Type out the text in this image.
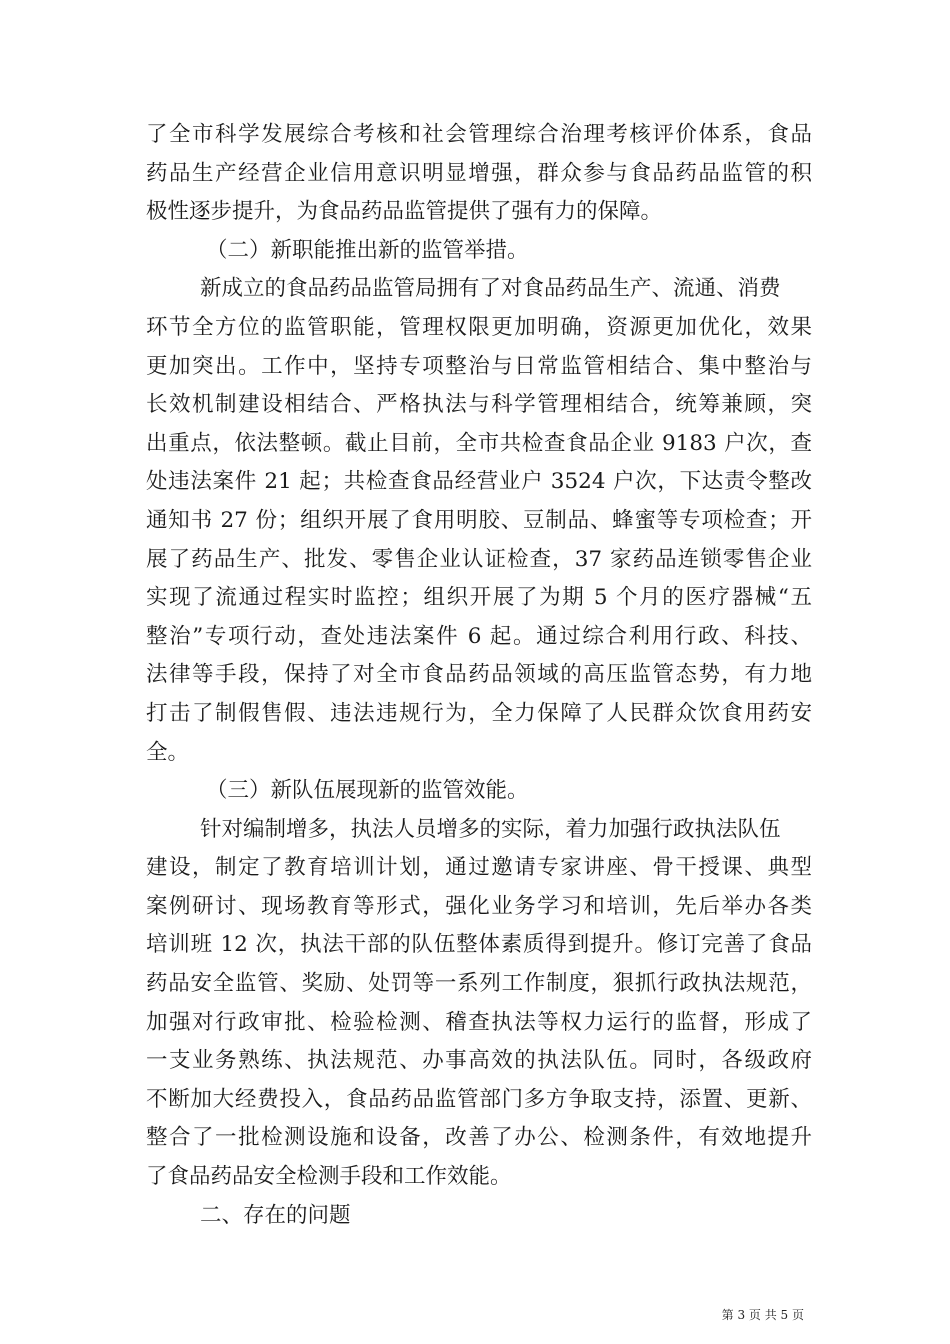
了全市科学发展综合考核和社会管理综合治理考核评价体系，食品
药品生产经营企业信用意识明显增强，群众参与食品药品监管的积
极性逐步提升，为食品药品监管提供了强有力的保障。
（二）新职能推出新的监管举措。
新成立的食品药品监管局拥有了对食品药品生产、流通、消费
环节全方位的监管职能，管理权限更加明确，资源更加优化，效果
更加突出。工作中，坚持专项整治与日常监管相结合、集中整治与
长效机制建设相结合、严格执法与科学管理相结合，统筹兼顾，突
出重点，依法整顿。截止目前，全市共检查食品企业 9183 户次，查
处违法案件 21 起；共检查食品经营业户 3524 户次，下达责令整改
通知书 27 份；组织开展了食用明胶、豆制品、蜂蜜等专项检查；开
展了药品生产、批发、零售企业认证检查，37 家药品连锁零售企业
实现了流通过程实时监控；组织开展了为期 5 个月的医疗器械“五
整治”专项行动，查处违法案件 6 起。通过综合利用行政、科技、
法律等手段，保持了对全市食品药品领域的高压监管态势，有力地
打击了制假售假、违法违规行为，全力保障了人民群众饮食用药安
全。
（三）新队伍展现新的监管效能。
针对编制增多，执法人员增多的实际，着力加强行政执法队伍
建设，制定了教育培训计划，通过邀请专家讲座、骨干授课、典型
案例研讨、现场教育等形式，强化业务学习和培训，先后举办各类
培训班 12 次，执法干部的队伍整体素质得到提升。修订完善了食品
药品安全监管、奖励、处罚等一系列工作制度，狠抓行政执法规范，
加强对行政审批、检验检测、稽查执法等权力运行的监督，形成了
一支业务熟练、执法规范、办事高效的执法队伍。同时，各级政府
不断加大经费投入，食品药品监管部门多方争取支持，添置、更新、
整合了一批检测设施和设备，改善了办公、检测条件，有效地提升
了食品药品安全检测手段和工作效能。
二、存在的问题
第 3 页 共 5 页
